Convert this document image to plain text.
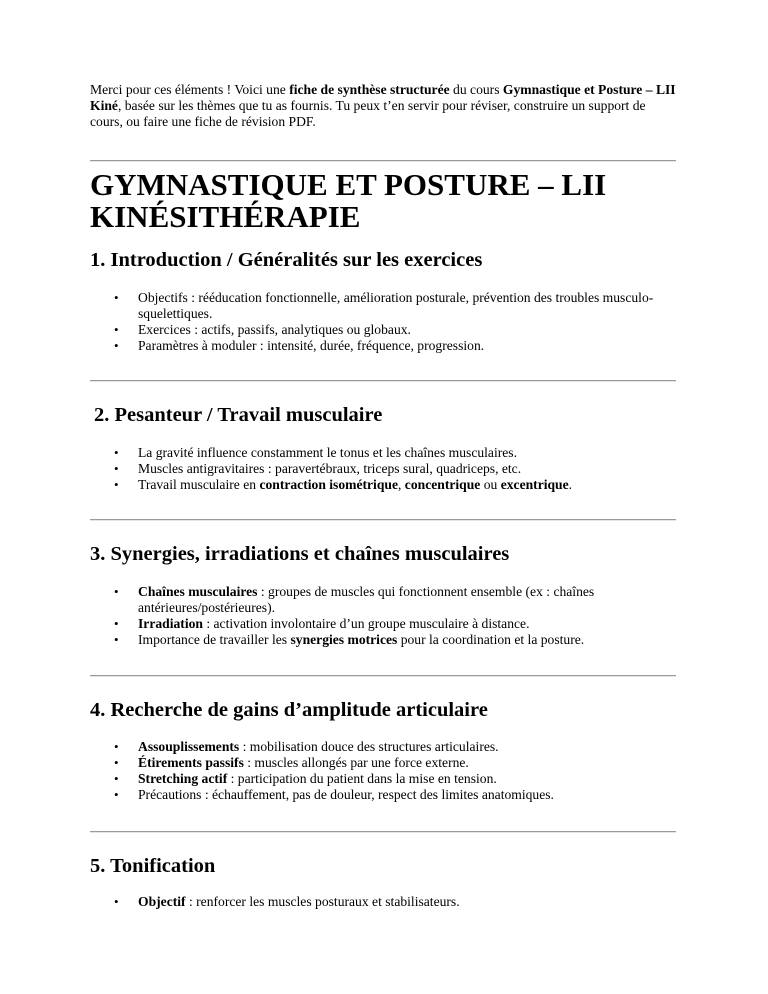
Merci pour ces éléments ! Voici une fiche de synthèse structurée du cours Gymnastique et Posture – LII Kiné, basée sur les thèmes que tu as fournis. Tu peux t’en servir pour réviser, construire un support de cours, ou faire une fiche de révision PDF.

GYMNASTIQUE ET POSTURE – LII KINÉSITHÉRAPIE
1. Introduction / Généralités sur les exercices
• Objectifs : rééducation fonctionnelle, amélioration posturale, prévention des troubles musculo-squelettiques.
• Exercices : actifs, passifs, analytiques ou globaux.
• Paramètres à moduler : intensité, durée, fréquence, progression.
2. Pesanteur / Travail musculaire
• La gravité influence constamment le tonus et les chaînes musculaires.
• Muscles antigravitaires : paravertébraux, triceps sural, quadriceps, etc.
• Travail musculaire en contraction isométrique, concentrique ou excentrique.
3. Synergies, irradiations et chaînes musculaires
• Chaînes musculaires : groupes de muscles qui fonctionnent ensemble (ex : chaînes antérieures/postérieures).
• Irradiation : activation involontaire d’un groupe musculaire à distance.
• Importance de travailler les synergies motrices pour la coordination et la posture.
4. Recherche de gains d’amplitude articulaire
• Assouplissements : mobilisation douce des structures articulaires.
• Étirements passifs : muscles allongés par une force externe.
• Stretching actif : participation du patient dans la mise en tension.
• Précautions : échauffement, pas de douleur, respect des limites anatomiques.
5. Tonification
• Objectif : renforcer les muscles posturaux et stabilisateurs.
